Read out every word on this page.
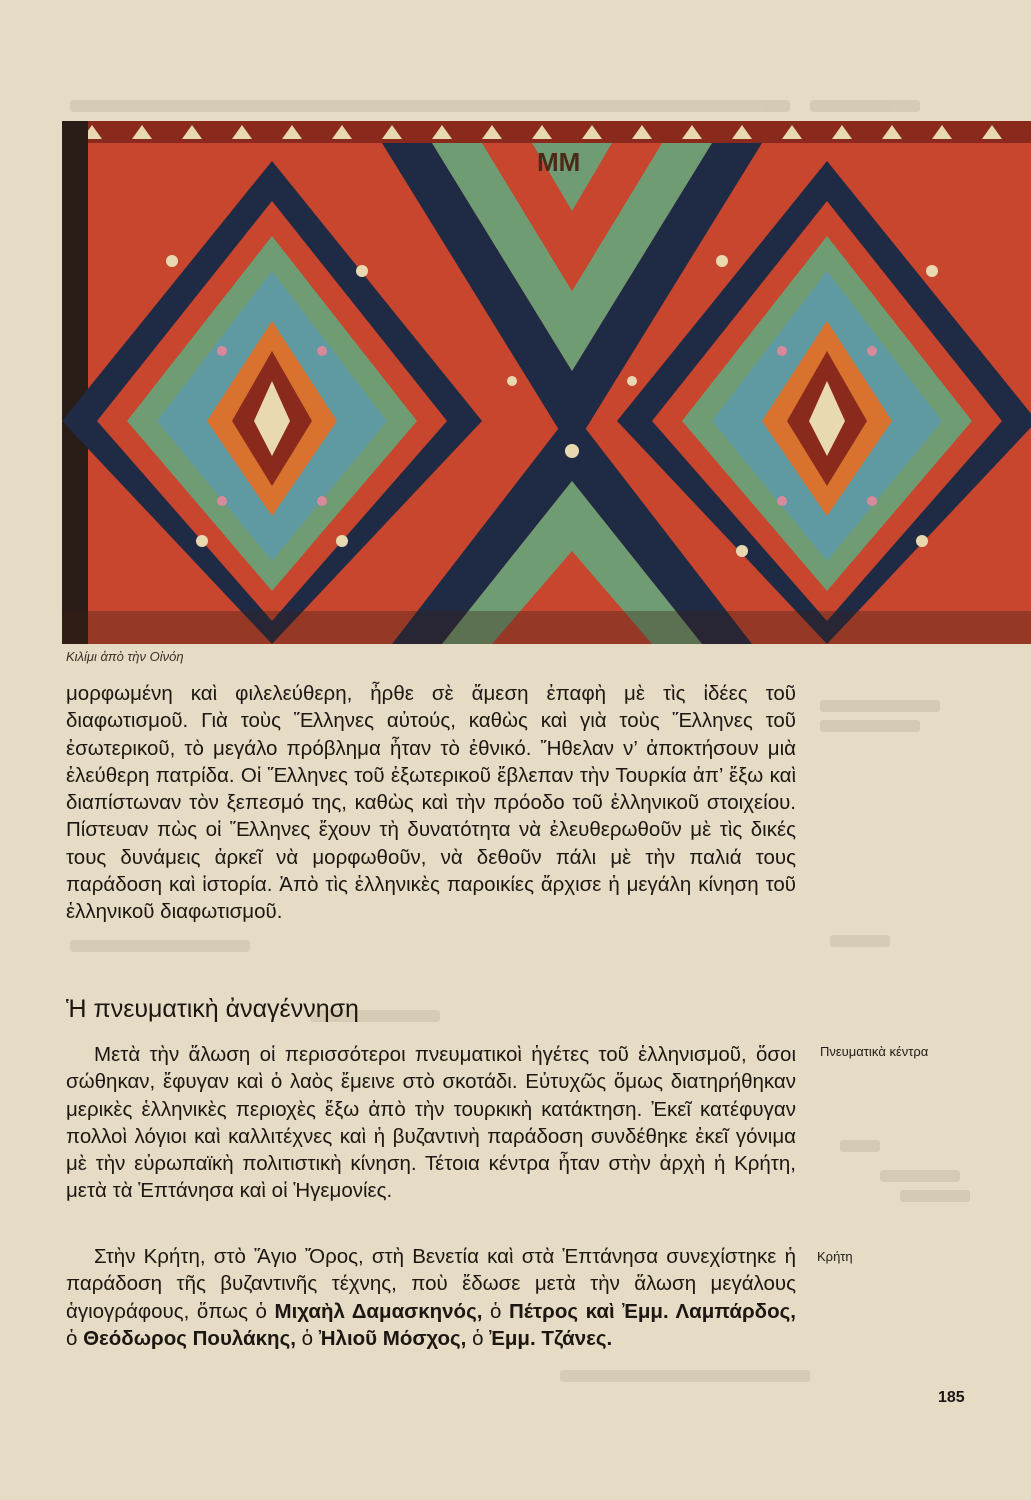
ΜΜ
Κιλίμι ἀπὸ τὴν Οἰνόη

μορφωμένη καὶ φιλελεύθερη, ἦρθε σὲ ἄμεση ἐπαφὴ μὲ τὶς ἰδέες τοῦ διαφωτισμοῦ. Γιὰ τοὺς Ἕλληνες αὐτούς, καθὼς καὶ γιὰ τοὺς Ἕλληνες τοῦ ἐσωτερικοῦ, τὸ μεγάλο πρόβλημα ἦταν τὸ ἐθνικό. Ἤθελαν ν’ ἀποκτήσουν μιὰ ἐλεύθερη πατρίδα. Οἱ Ἕλληνες τοῦ ἐξωτερικοῦ ἔβλεπαν τὴν Τουρκία ἀπ’ ἔξω καὶ διαπίστωναν τὸν ξεπεσμό της, καθὼς καὶ τὴν πρόοδο τοῦ ἑλληνικοῦ στοιχείου. Πίστευαν πὼς οἱ Ἕλληνες ἔχουν τὴ δυνατότητα νὰ ἐλευθερωθοῦν μὲ τὶς δικές τους δυνάμεις ἀρκεῖ νὰ μορφωθοῦν, νὰ δεθοῦν πάλι μὲ τὴν παλιά τους παράδοση καὶ ἱστορία. Ἀπὸ τὶς ἑλληνικὲς παροικίες ἄρχισε ἡ μεγάλη κίνηση τοῦ ἑλληνικοῦ διαφωτισμοῦ.

Ἡ πνευματικὴ ἀναγέννηση

Μετὰ τὴν ἅλωση οἱ περισσότεροι πνευματικοὶ ἡγέτες τοῦ ἑλληνισμοῦ, ὅσοι σώθηκαν, ἔφυγαν καὶ ὁ λαὸς ἔμεινε στὸ σκοτάδι. Εὐτυχῶς ὅμως διατηρήθηκαν μερικὲς ἑλληνικὲς περιοχὲς ἔξω ἀπὸ τὴν τουρκικὴ κατάκτηση. Ἐκεῖ κατέφυγαν πολλοὶ λόγιοι καὶ καλλιτέχνες καὶ ἡ βυζαντινὴ παράδοση συνδέθηκε ἐκεῖ γόνιμα μὲ τὴν εὐρωπαϊκὴ πολιτιστικὴ κίνηση. Τέτοια κέντρα ἦταν στὴν ἀρχὴ ἡ Κρήτη, μετὰ τὰ Ἑπτάνησα καὶ οἱ Ἡγεμονίες.

Στὴν Κρήτη, στὸ Ἅγιο Ὄρος, στὴ Βενετία καὶ στὰ Ἑπτάνησα συνεχίστηκε ἡ παράδοση τῆς βυζαντινῆς τέχνης, ποὺ ἔδωσε μετὰ τὴν ἅλωση μεγάλους ἁγιογράφους, ὅπως ὁ Μιχαὴλ Δαμασκηνός, ὁ Πέτρος καὶ Ἐμμ. Λαμπάρδος, ὁ Θεόδωρος Πουλάκης, ὁ Ἠλιοῦ Μόσχος, ὁ Ἐμμ. Τζάνες.

Πνευματικὰ κέντρα
Κρήτη
185
